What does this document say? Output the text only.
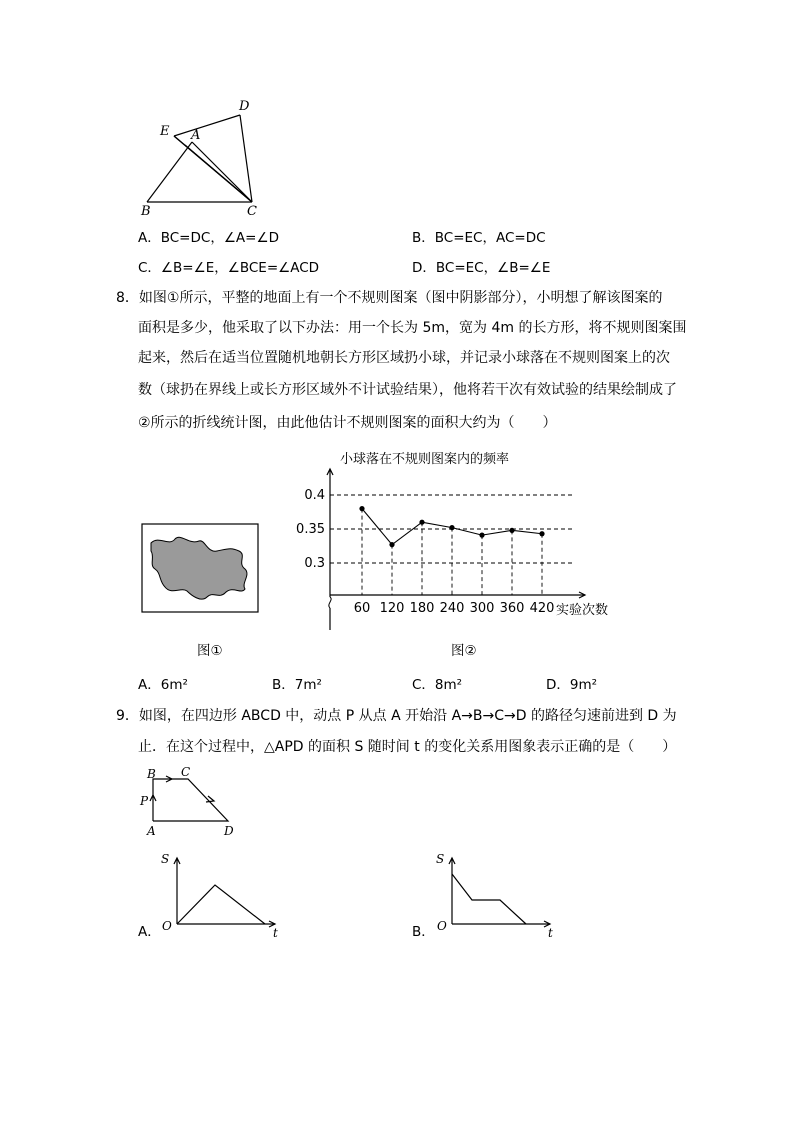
D
E A
B	C
A．BC=DC，∠A=∠D	B．BC=EC，AC=DC
C．∠B=∠E，∠BCE=∠ACD	D．BC=EC，∠B=∠E
8．如图①所示，平整的地面上有一个不规则图案（图中阴影部分），小明想了解该图案的
面积是多少，他采取了以下办法：用一个长为 5m，宽为 4m 的长方形，将不规则图案围
起来，然后在适当位置随机地朝长方形区域扔小球，并记录小球落在不规则图案上的次
数（球扔在界线上或长方形区域外不计试验结果），他将若干次有效试验的结果绘制成了
②所示的折线统计图，由此他估计不规则图案的面积大约为（　　）
图①
小球落在不规则图案内的频率
0.3
0.35
0.4
60 120 180 240 300 360 420 实验次数
图②
A．6m²	B．7m²	C．8m²	D．9m²
9．如图，在四边形 ABCD 中，动点 P 从点 A 开始沿 A→B→C→D 的路径匀速前进到 D 为
止．在这个过程中，△APD 的面积 S 随时间 t 的变化关系用图象表示正确的是（　　）
B C
P
A	D
A．
S
O	t	B．
S
O	t
